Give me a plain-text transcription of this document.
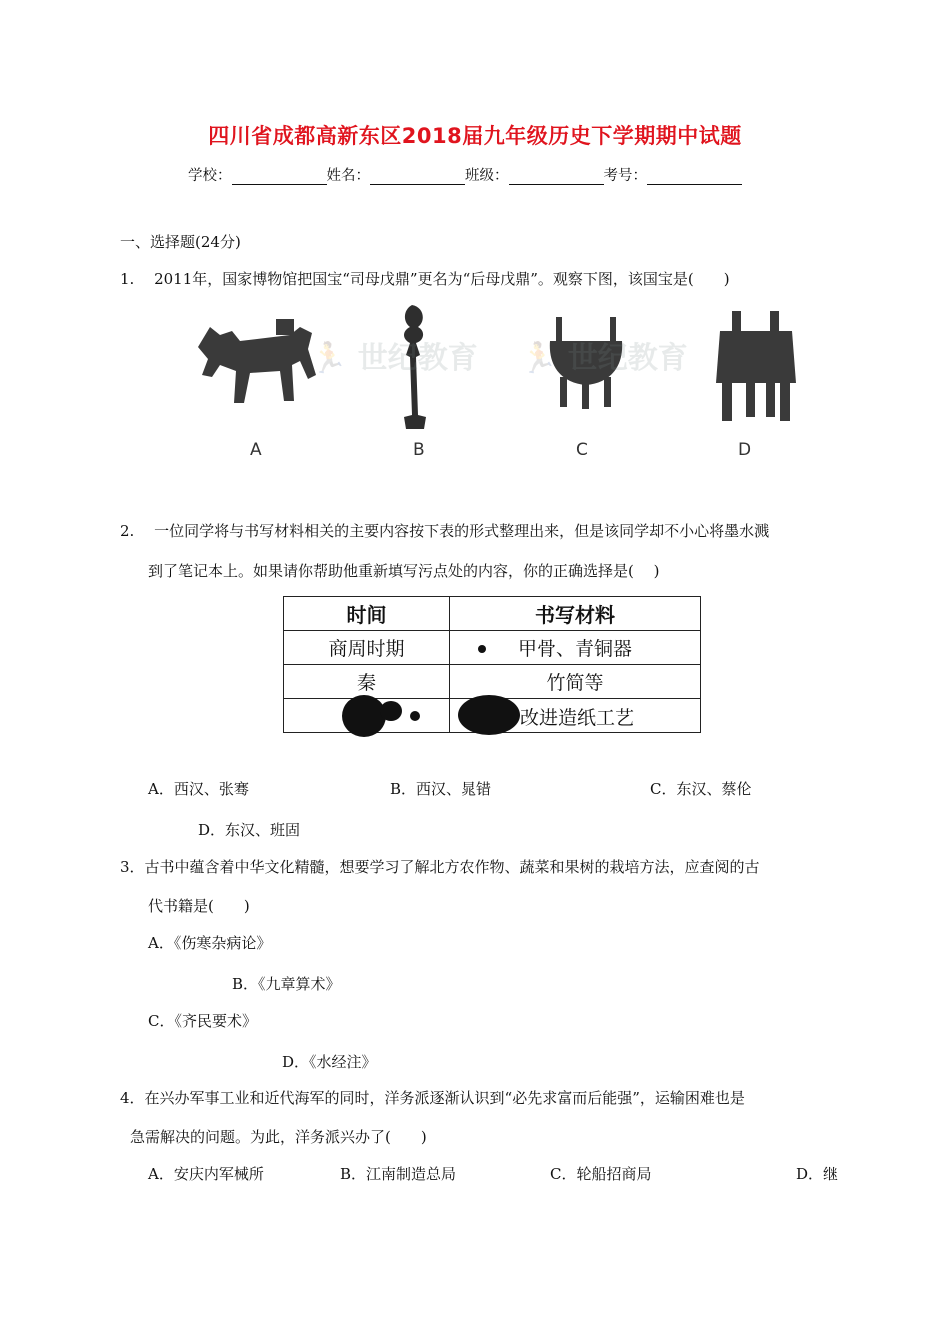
四川省成都高新东区2018届九年级历史下学期期中试题
学校：	姓名：	班级：	考号：
一、选择题(24分)
1.　 2011年，国家博物馆把国宝“司母戊鼎”更名为“后母戊鼎”。观察下图，该国宝是(　　)
🏃 世纪教育 🏃 世纪教育
A	B	C	D
2.　 一位同学将与书写材料相关的主要内容按下表的形式整理出来，但是该同学却不小心将墨水溅
到了笔记本上。如果请你帮助他重新填写污点处的内容，你的正确选择是(　 )
时间	书写材料
商周时期	甲骨、青铜器
秦	竹简等

	改进造纸工艺
A．西汉、张骞	B．西汉、晁错	C．东汉、蔡伦
D．东汉、班固
3．古书中蕴含着中华文化精髓，想要学习了解北方农作物、蔬菜和果树的栽培方法，应查阅的古
代书籍是(　　)
A．《伤寒杂病论》
B．《九章算术》
C．《齐民要术》
D．《水经注》
4．在兴办军事工业和近代海军的同时，洋务派逐渐认识到“必先求富而后能强”，运输困难也是
急需解决的问题。为此，洋务派兴办了(　　)
A．安庆内军械所	B．江南制造总局	C．轮船招商局	D．继
